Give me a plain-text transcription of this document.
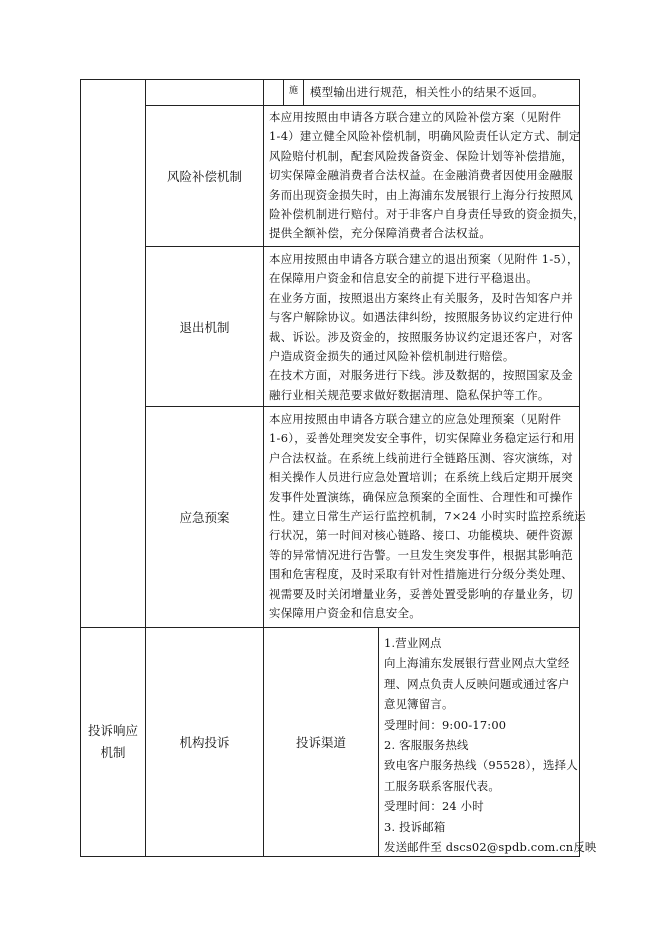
施	模型输出进行规范，相关性小的结果不返回。
风险补偿机制

本应用按照由申请各方联合建立的风险补偿方案（见附件

1-4）建立健全风险补偿机制，明确风险责任认定方式、制定

风险赔付机制，配套风险拨备资金、保险计划等补偿措施，

切实保障金融消费者合法权益。在金融消费者因使用金融服

务而出现资金损失时，由上海浦东发展银行上海分行按照风

险补偿机制进行赔付。对于非客户自身责任导致的资金损失，

提供全额补偿，充分保障消费者合法权益。

退出机制

本应用按照由申请各方联合建立的退出预案（见附件 1-5），

在保障用户资金和信息安全的前提下进行平稳退出。

在业务方面，按照退出方案终止有关服务，及时告知客户并

与客户解除协议。如遇法律纠纷，按照服务协议约定进行仲

裁、诉讼。涉及资金的，按照服务协议约定退还客户，对客

户造成资金损失的通过风险补偿机制进行赔偿。

在技术方面，对服务进行下线。涉及数据的，按照国家及金

融行业相关规范要求做好数据清理、隐私保护等工作。

应急预案

本应用按照由申请各方联合建立的应急处理预案（见附件

1-6），妥善处理突发安全事件，切实保障业务稳定运行和用

户合法权益。在系统上线前进行全链路压测、容灾演练，对

相关操作人员进行应急处置培训；在系统上线后定期开展突

发事件处置演练，确保应急预案的全面性、合理性和可操作

性。建立日常生产运行监控机制，7×24 小时实时监控系统运

行状况，第一时间对核心链路、接口、功能模块、硬件资源

等的异常情况进行告警。一旦发生突发事件，根据其影响范

围和危害程度，及时采取有针对性措施进行分级分类处理、

视需要及时关闭增量业务，妥善处置受影响的存量业务，切

实保障用户资金和信息安全。

投诉响应
机制
机构投诉	投诉渠道

1.营业网点

向上海浦东发展银行营业网点大堂经

理、网点负责人反映问题或通过客户

意见簿留言。

受理时间：9:00-17:00

2. 客服服务热线

致电客户服务热线（95528），选择人

工服务联系客服代表。

受理时间：24 小时

3. 投诉邮箱

发送邮件至 dscs02@spdb.com.cn反映
